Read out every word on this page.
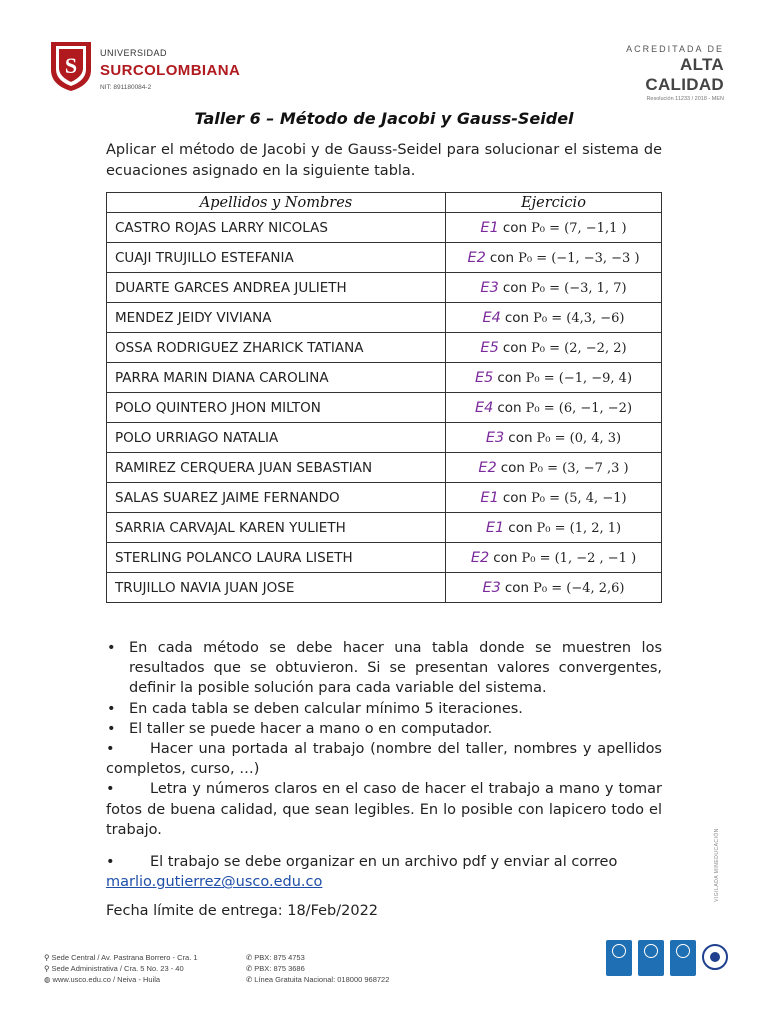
S	UNIVERSIDAD
SURCOLOMBIANA
NIT: 891180084-2
ACREDITADA DE
ALTA CALIDAD
Resolución 11233 / 2018 - MEN
Taller 6 – Método de Jacobi y Gauss-Seidel
Aplicar el método de Jacobi y de Gauss-Seidel para solucionar el sistema de ecuaciones asignado en la siguiente tabla.
Apellidos y Nombres	Ejercicio
CASTRO ROJAS LARRY NICOLAS	E1 con P₀ = (7, −1,1 )
CUAJI TRUJILLO ESTEFANIA	E2 con P₀ = (−1, −3, −3 )
DUARTE GARCES ANDREA JULIETH	E3 con P₀ = (−3, 1, 7)
MENDEZ JEIDY VIVIANA	E4 con P₀ = (4,3, −6)
OSSA RODRIGUEZ ZHARICK TATIANA	E5 con P₀ = (2, −2, 2)
PARRA MARIN DIANA CAROLINA	E5 con P₀ = (−1, −9, 4)
POLO QUINTERO JHON MILTON	E4 con P₀ = (6, −1, −2)
POLO URRIAGO NATALIA	E3 con P₀ = (0, 4, 3)
RAMIREZ CERQUERA JUAN SEBASTIAN	E2 con P₀ = (3, −7 ,3 )
SALAS SUAREZ JAIME FERNANDO	E1 con P₀ = (5, 4, −1)
SARRIA CARVAJAL KAREN YULIETH	E1 con P₀ = (1, 2, 1)
STERLING POLANCO LAURA LISETH	E2 con P₀ = (1, −2 , −1 )
TRUJILLO NAVIA JUAN JOSE	E3 con P₀ = (−4, 2,6)
• En cada método se debe hacer una tabla donde se muestren los resultados que se obtuvieron. Si se presentan valores convergentes, definir la posible solución para cada variable del sistema.
• En cada tabla se deben calcular mínimo 5 iteraciones.
• El taller se puede hacer a mano o en computador.
• Hacer una portada al trabajo (nombre del taller, nombres y apellidos completos, curso, …)
• Letra y números claros en el caso de hacer el trabajo a mano y tomar fotos de buena calidad, que sean legibles. En lo posible con lapicero todo el trabajo.
• El trabajo se debe organizar en un archivo pdf y enviar al correo
marlio.gutierrez@usco.edu.co
Fecha límite de entrega: 18/Feb/2022
VIGILADA MINEDUCACIÓN
⚲ Sede Central / Av. Pastrana Borrero - Cra. 1
⚲ Sede Administrativa / Cra. 5 No. 23 - 40
◍ www.usco.edu.co / Neiva - Huila
✆ PBX: 875 4753
✆ PBX: 875 3686
✆ Línea Gratuita Nacional: 018000 968722
